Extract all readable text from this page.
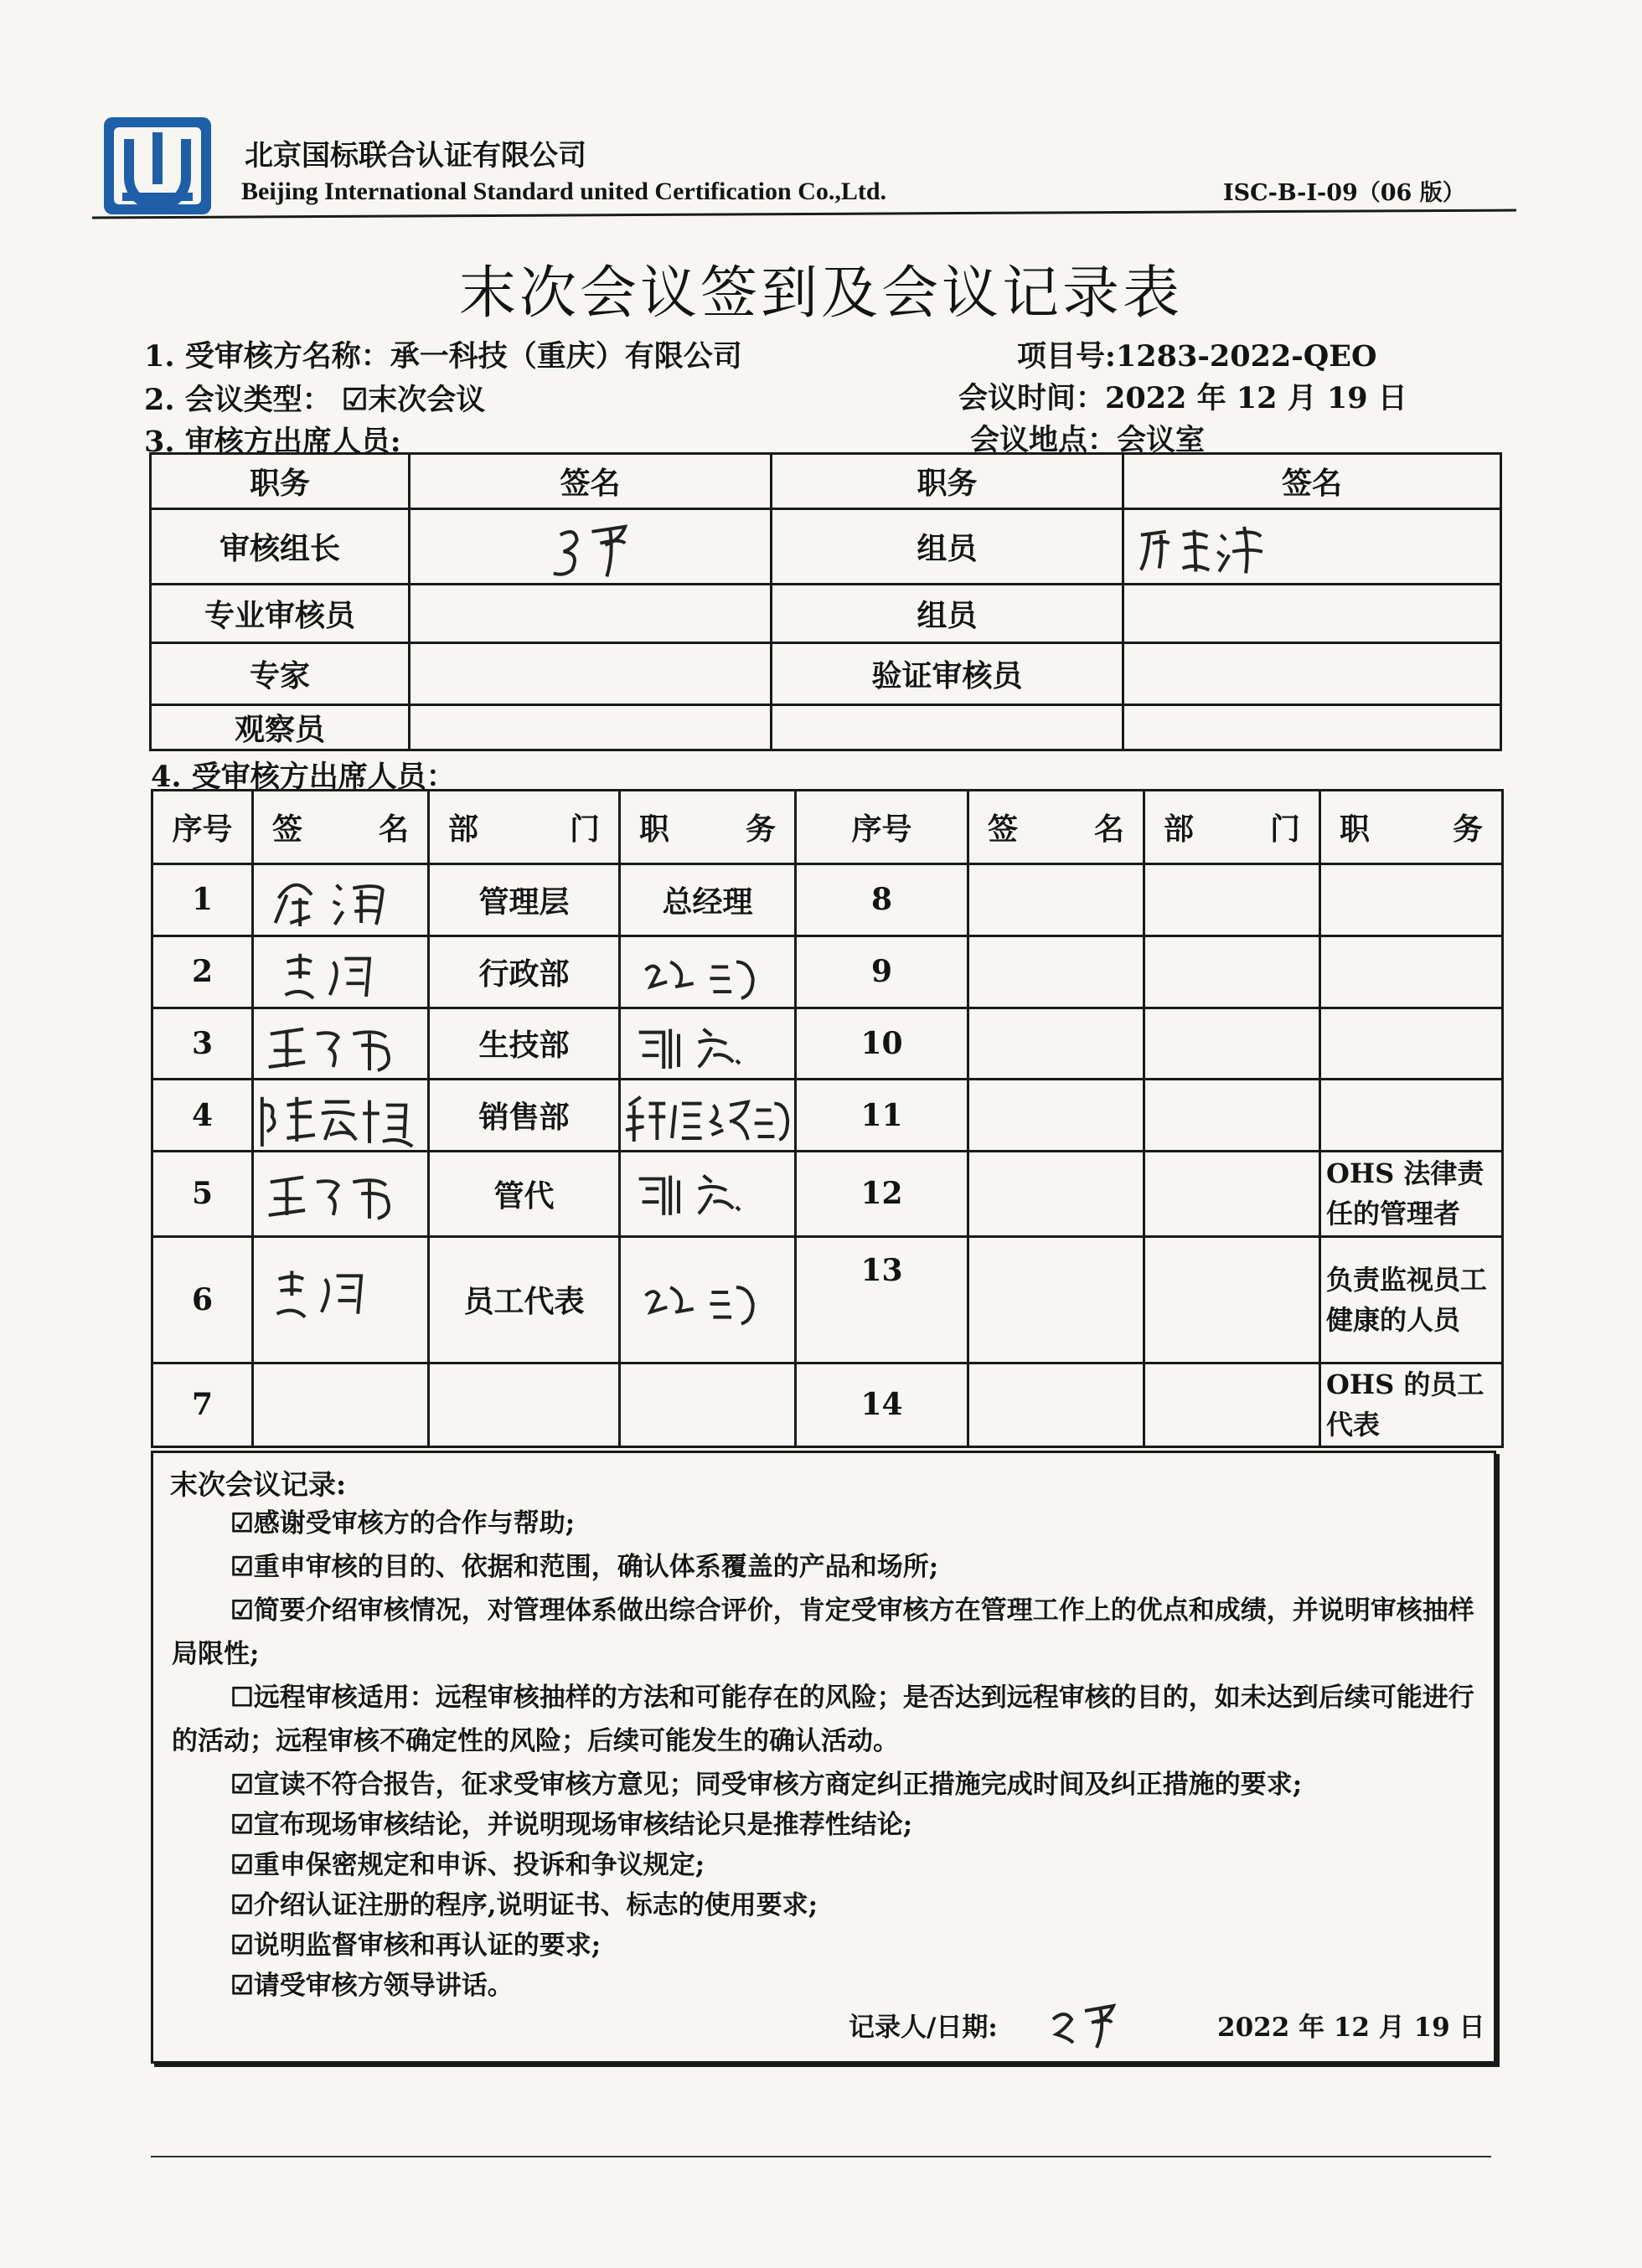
北京国标联合认证有限公司
Beijing International Standard united Certification Co.,Ltd.	ISC-B-I-09（06 版）
末次会议签到及会议记录表
1. 受审核方名称：承一科技（重庆）有限公司	项目号:1283-2022-QEO
2. 会议类型： ☑末次会议	会议时间：2022 年 12 月 19 日
3. 审核方出席人员:	会议地点：会议室
职务	签名	职务	签名
审核组长		组员	

专业审核员		组员	
专家		验证审核员	
观察员			
4. 受审核方出席人员：
序号	签 名	部 门	职 务	序号	签 名	部 门	职 务

1		管理层	总经理	8			
2		行政部		9			
3		生技部		10			
4		销售部		11			
5		管代		12			OHS 法律责任的管理者
6		员工代表		13			负责监视员工健康的人员
7				14			OHS 的员工代表
末次会议记录:
☑感谢受审核方的合作与帮助;
☑重申审核的目的、依据和范围，确认体系覆盖的产品和场所;
☑简要介绍审核情况，对管理体系做出综合评价，肯定受审核方在管理工作上的优点和成绩，并说明审核抽样局限性;
☐远程审核适用：远程审核抽样的方法和可能存在的风险；是否达到远程审核的目的，如未达到后续可能进行的活动；远程审核不确定性的风险；后续可能发生的确认活动。
☑宣读不符合报告，征求受审核方意见；同受审核方商定纠正措施完成时间及纠正措施的要求;
☑宣布现场审核结论，并说明现场审核结论只是推荐性结论;
☑重申保密规定和申诉、投诉和争议规定;
☑介绍认证注册的程序,说明证书、标志的使用要求;
☑说明监督审核和再认证的要求;
☑请受审核方领导讲话。
记录人/日期:	2022 年 12 月 19 日
